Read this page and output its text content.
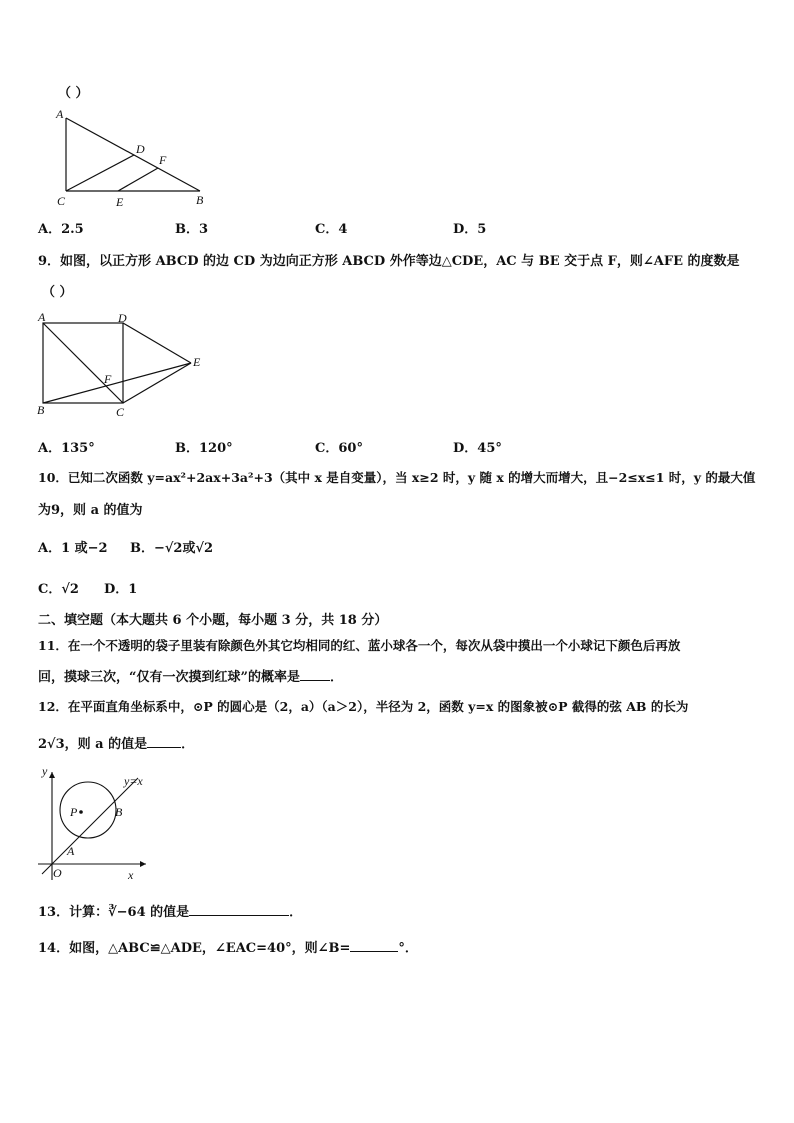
（ ）
A
C
D
F
E	B
A．2.5	B．3	C．4	D．5
9．如图，以正方形 ABCD 的边 CD 为边向正方形 ABCD 外作等边△CDE，AC 与 BE 交于点 F，则∠AFE 的度数是
（ ）
A	D
E
F
B	C
A．135°	B．120°	C．60°	D．45°
10．已知二次函数 y=ax²+2ax+3a²+3（其中 x 是自变量），当 x≥2 时，y 随 x 的增大而增大，且−2≤x≤1 时，y 的最大值
为9，则 a 的值为
A．1 或−2 B．−√2或√2
C．√2 D．1
二、填空题（本大题共 6 个小题，每小题 3 分，共 18 分）
11．在一个不透明的袋子里装有除颜色外其它均相同的红、蓝小球各一个，每次从袋中摸出一个小球记下颜色后再放
回，摸球三次，“仅有一次摸到红球”的概率是 ．
12．在平面直角坐标系中，⊙P 的圆心是（2，a）（a＞2），半径为 2，函数 y=x 的图象被⊙P 截得的弦 AB 的长为
2√3，则 a 的值是	．
y
y=x
P	B
A
O	x
13．计算：∛−64 的值是	．
14．如图，△ABC≌△ADE，∠EAC=40°，则∠B=	°．
